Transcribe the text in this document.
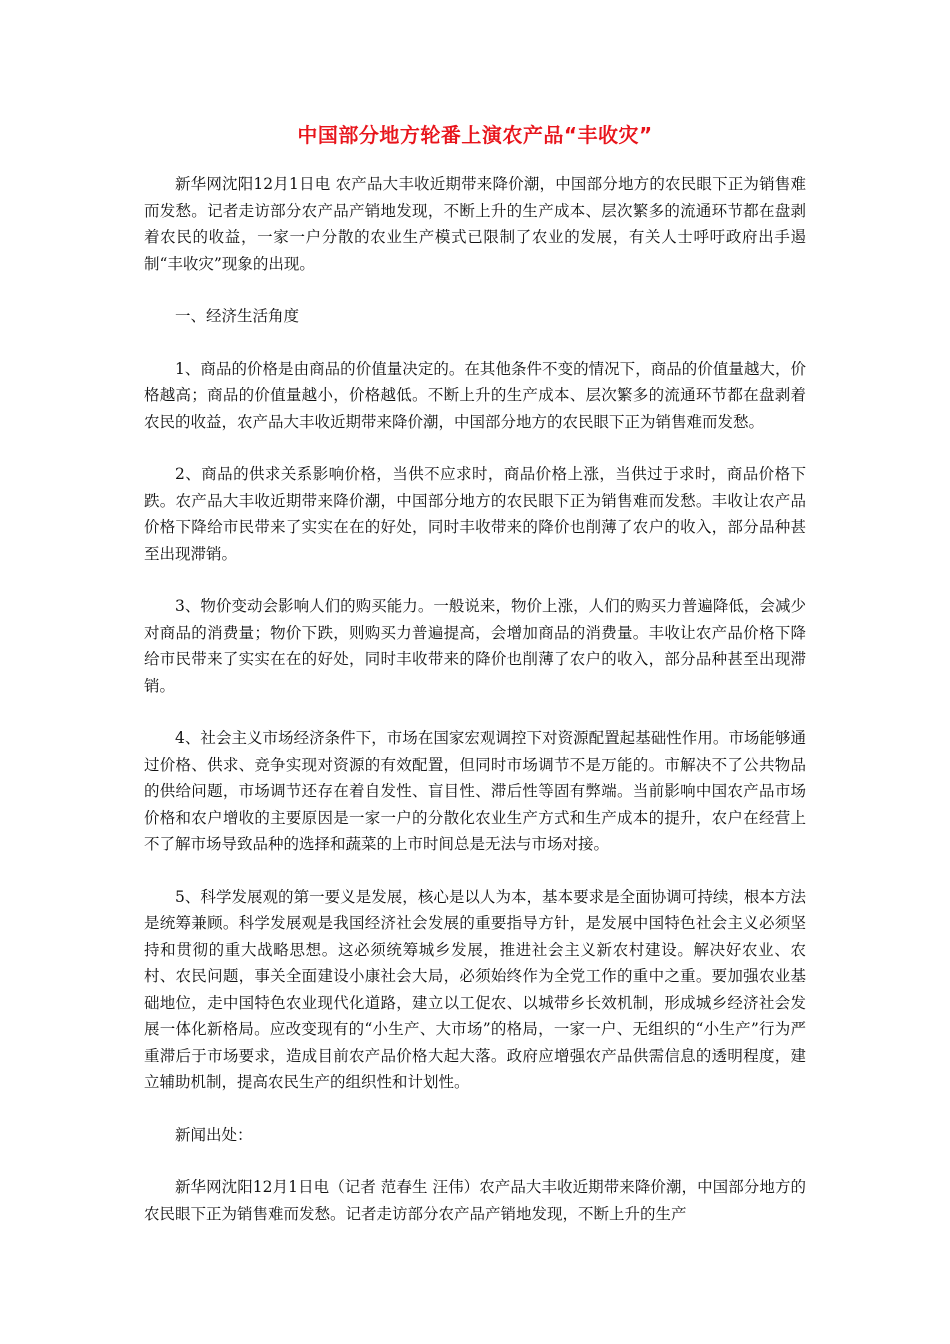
中国部分地方轮番上演农产品“丰收灾”

新华网沈阳12月1日电 农产品大丰收近期带来降价潮，中国部分地方的农民眼下正为销售难而发愁。记者走访部分农产品产销地发现，不断上升的生产成本、层次繁多的流通环节都在盘剥着农民的收益，一家一户分散的农业生产模式已限制了农业的发展，有关人士呼吁政府出手遏制“丰收灾”现象的出现。

一、经济生活角度

1、商品的价格是由商品的价值量决定的。在其他条件不变的情况下，商品的价值量越大，价格越高；商品的价值量越小，价格越低。不断上升的生产成本、层次繁多的流通环节都在盘剥着农民的收益，农产品大丰收近期带来降价潮，中国部分地方的农民眼下正为销售难而发愁。

2、商品的供求关系影响价格，当供不应求时，商品价格上涨，当供过于求时，商品价格下跌。农产品大丰收近期带来降价潮，中国部分地方的农民眼下正为销售难而发愁。丰收让农产品价格下降给市民带来了实实在在的好处，同时丰收带来的降价也削薄了农户的收入，部分品种甚至出现滞销。

3、物价变动会影响人们的购买能力。一般说来，物价上涨，人们的购买力普遍降低，会减少对商品的消费量；物价下跌，则购买力普遍提高，会增加商品的消费量。丰收让农产品价格下降给市民带来了实实在在的好处，同时丰收带来的降价也削薄了农户的收入，部分品种甚至出现滞销。

4、社会主义市场经济条件下，市场在国家宏观调控下对资源配置起基础性作用。市场能够通过价格、供求、竞争实现对资源的有效配置，但同时市场调节不是万能的。市解决不了公共物品的供给问题，市场调节还存在着自发性、盲目性、滞后性等固有弊端。当前影响中国农产品市场价格和农户增收的主要原因是一家一户的分散化农业生产方式和生产成本的提升，农户在经营上不了解市场导致品种的选择和蔬菜的上市时间总是无法与市场对接。

5、科学发展观的第一要义是发展，核心是以人为本，基本要求是全面协调可持续，根本方法是统筹兼顾。科学发展观是我国经济社会发展的重要指导方针，是发展中国特色社会主义必须坚持和贯彻的重大战略思想。这必须统筹城乡发展，推进社会主义新农村建设。解决好农业、农村、农民问题，事关全面建设小康社会大局，必须始终作为全党工作的重中之重。要加强农业基础地位，走中国特色农业现代化道路，建立以工促农、以城带乡长效机制，形成城乡经济社会发展一体化新格局。应改变现有的“小生产、大市场”的格局，一家一户、无组织的“小生产”行为严重滞后于市场要求，造成目前农产品价格大起大落。政府应增强农产品供需信息的透明程度，建立辅助机制，提高农民生产的组织性和计划性。

新闻出处：

新华网沈阳12月1日电（记者 范春生 汪伟）农产品大丰收近期带来降价潮，中国部分地方的农民眼下正为销售难而发愁。记者走访部分农产品产销地发现，不断上升的生产
